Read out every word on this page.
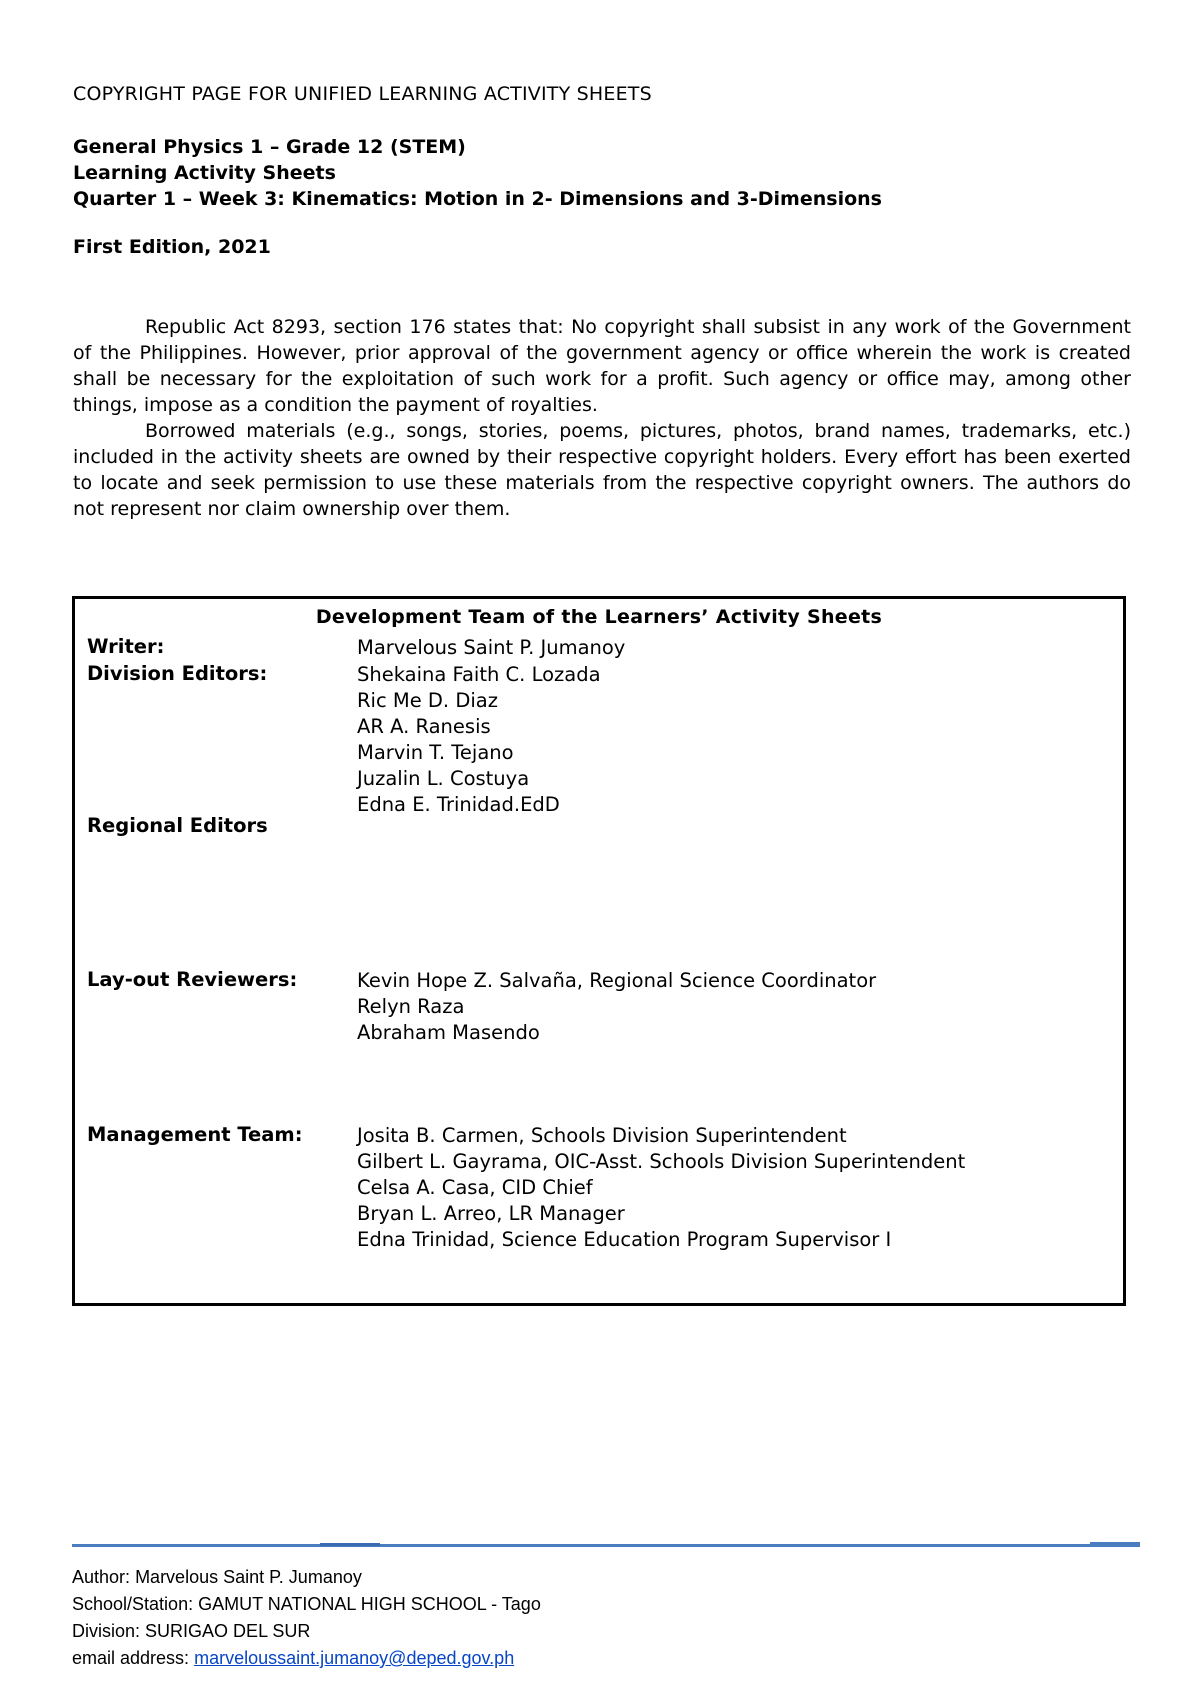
COPYRIGHT PAGE FOR UNIFIED LEARNING ACTIVITY SHEETS
General Physics 1 – Grade 12 (STEM)
Learning Activity Sheets
Quarter 1 – Week 3: Kinematics: Motion in 2- Dimensions and 3-Dimensions
First Edition, 2021

Republic Act 8293, section 176 states that: No copyright shall subsist in any work of the Government of the Philippines. However, prior approval of the government agency or office wherein the work is created shall be necessary for the exploitation of such work for a profit. Such agency or office may, among other things, impose as a condition the payment of royalties.

Borrowed materials (e.g., songs, stories, poems, pictures, photos, brand names, trademarks, etc.) included in the activity sheets are owned by their respective copyright holders. Every effort has been exerted to locate and seek permission to use these materials from the respective copyright owners. The authors do not represent nor claim ownership over them.

Development Team of the Learners’ Activity Sheets
Writer:	Marvelous Saint P. Jumanoy
Division Editors:	Shekaina Faith C. Lozada
Ric Me D. Diaz
AR A. Ranesis
Marvin T. Tejano
Juzalin L. Costuya
Edna E. Trinidad.EdD
Regional Editors
Lay-out Reviewers:	Kevin Hope Z. Salvaña, Regional Science Coordinator
Relyn Raza
Abraham Masendo
Management Team:	Josita B. Carmen, Schools Division Superintendent
Gilbert L. Gayrama, OIC-Asst. Schools Division Superintendent
Celsa A. Casa, CID Chief
Bryan L. Arreo, LR Manager
Edna Trinidad, Science Education Program Supervisor I
Author: Marvelous Saint P. Jumanoy
School/Station: GAMUT NATIONAL HIGH SCHOOL - Tago
Division: SURIGAO DEL SUR
email address: marveloussaint.jumanoy@deped.gov.ph
